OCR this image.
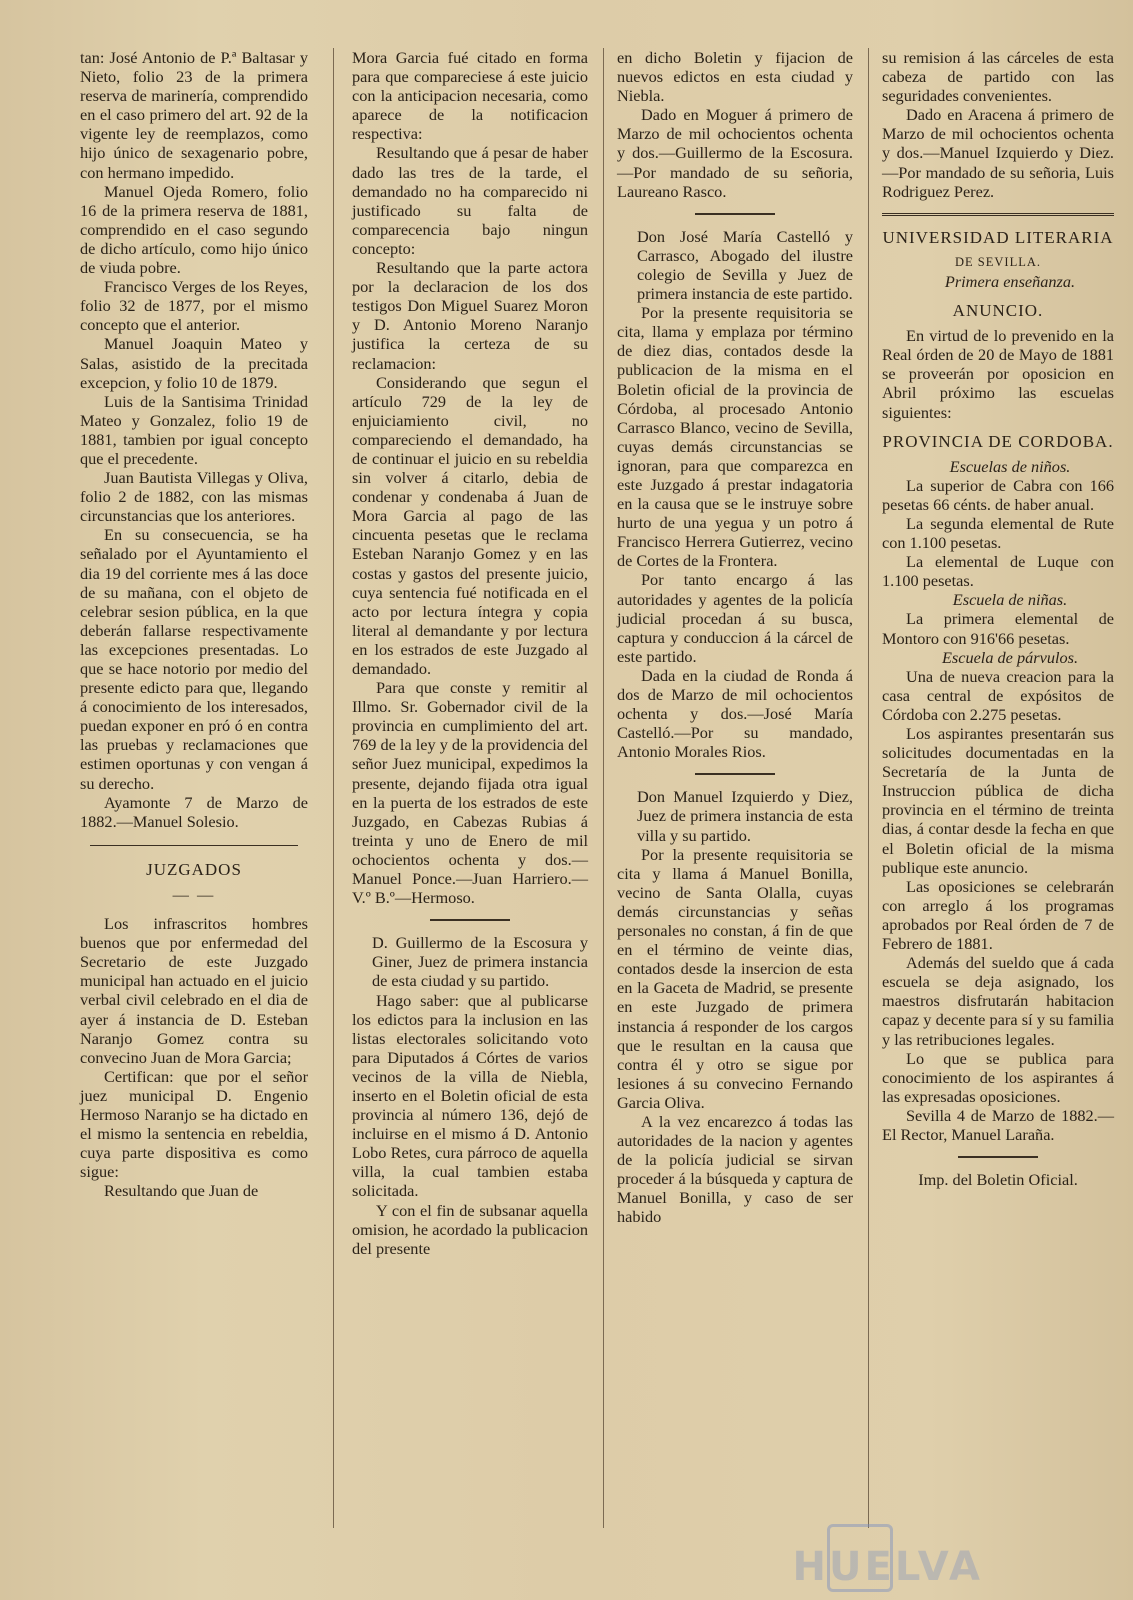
tan: José Antonio de P.ª Baltasar y Nieto, folio 23 de la primera reserva de marinería, comprendido en el caso primero del art. 92 de la vigente ley de reemplazos, como hijo único de sexagenario pobre, con hermano impedido.

Manuel Ojeda Romero, folio 16 de la primera reserva de 1881, comprendido en el caso segundo de dicho artículo, como hijo único de viuda pobre.

Francisco Verges de los Reyes, folio 32 de 1877, por el mismo concepto que el anterior.

Manuel Joaquin Mateo y Salas, asistido de la precitada excepcion, y folio 10 de 1879.

Luis de la Santisima Trinidad Mateo y Gonzalez, folio 19 de 1881, tambien por igual concepto que el precedente.

Juan Bautista Villegas y Oliva, folio 2 de 1882, con las mismas circunstancias que los anteriores.

En su consecuencia, se ha señalado por el Ayuntamiento el dia 19 del corriente mes á las doce de su mañana, con el objeto de celebrar sesion pública, en la que deberán fallarse respectivamente las excepciones presentadas. Lo que se hace notorio por medio del presente edicto para que, llegando á conocimiento de los interesados, puedan exponer en pró ó en contra las pruebas y reclamaciones que estimen oportunas y con vengan á su derecho.

Ayamonte 7 de Marzo de 1882.—Manuel Solesio.

JUZGADOS
— —

Los infrascritos hombres buenos que por enfermedad del Secretario de este Juzgado municipal han actuado en el juicio verbal civil celebrado en el dia de ayer á instancia de D. Esteban Naranjo Gomez contra su convecino Juan de Mora Garcia;

Certifican: que por el señor juez municipal D. Engenio Hermoso Naranjo se ha dictado en el mismo la sentencia en rebeldia, cuya parte dispositiva es como sigue:

Resultando que Juan de

Mora Garcia fué citado en forma para que compareciese á este juicio con la anticipacion necesaria, como aparece de la notificacion respectiva:

Resultando que á pesar de haber dado las tres de la tarde, el demandado no ha comparecido ni justificado su falta de comparecencia bajo ningun concepto:

Resultando que la parte actora por la declaracion de los dos testigos Don Miguel Suarez Moron y D. Antonio Moreno Naranjo justifica la certeza de su reclamacion:

Considerando que segun el artículo 729 de la ley de enjuiciamiento civil, no compareciendo el demandado, ha de continuar el juicio en su rebeldia sin volver á citarlo, debia de condenar y condenaba á Juan de Mora Garcia al pago de las cincuenta pesetas que le reclama Esteban Naranjo Gomez y en las costas y gastos del presente juicio, cuya sentencia fué notificada en el acto por lectura íntegra y copia literal al demandante y por lectura en los estrados de este Juzgado al demandado.

Para que conste y remitir al Illmo. Sr. Gobernador civil de la provincia en cumplimiento del art. 769 de la ley y de la providencia del señor Juez municipal, expedimos la presente, dejando fijada otra igual en la puerta de los estrados de este Juzgado, en Cabezas Rubias á treinta y uno de Enero de mil ochocientos ochenta y dos.—Manuel Ponce.—Juan Harriero.—V.º B.º—Hermoso.

D. Guillermo de la Escosura y Giner, Juez de primera instancia de esta ciudad y su partido.

Hago saber: que al publicarse los edictos para la inclusion en las listas electorales solicitando voto para Diputados á Córtes de varios vecinos de la villa de Niebla, inserto en el Boletin oficial de esta provincia al número 136, dejó de incluirse en el mismo á D. Antonio Lobo Retes, cura párroco de aquella villa, la cual tambien estaba solicitada.

Y con el fin de subsanar aquella omision, he acordado la publicacion del presente

en dicho Boletin y fijacion de nuevos edictos en esta ciudad y Niebla.

Dado en Moguer á primero de Marzo de mil ochocientos ochenta y dos.—Guillermo de la Escosura.—Por mandado de su señoria, Laureano Rasco.

Don José María Castelló y Carrasco, Abogado del ilustre colegio de Sevilla y Juez de primera instancia de este partido.

Por la presente requisitoria se cita, llama y emplaza por término de diez dias, contados desde la publicacion de la misma en el Boletin oficial de la provincia de Córdoba, al procesado Antonio Carrasco Blanco, vecino de Sevilla, cuyas demás circunstancias se ignoran, para que comparezca en este Juzgado á prestar indagatoria en la causa que se le instruye sobre hurto de una yegua y un potro á Francisco Herrera Gutierrez, vecino de Cortes de la Frontera.

Por tanto encargo á las autoridades y agentes de la policía judicial procedan á su busca, captura y conduccion á la cárcel de este partido.

Dada en la ciudad de Ronda á dos de Marzo de mil ochocientos ochenta y dos.—José María Castelló.—Por su mandado, Antonio Morales Rios.

Don Manuel Izquierdo y Diez, Juez de primera instancia de esta villa y su partido.

Por la presente requisitoria se cita y llama á Manuel Bonilla, vecino de Santa Olalla, cuyas demás circunstancias y señas personales no constan, á fin de que en el término de veinte dias, contados desde la insercion de esta en la Gaceta de Madrid, se presente en este Juzgado de primera instancia á responder de los cargos que le resultan en la causa que contra él y otro se sigue por lesiones á su convecino Fernando Garcia Oliva.

A la vez encarezco á todas las autoridades de la nacion y agentes de la policía judicial se sirvan proceder á la búsqueda y captura de Manuel Bonilla, y caso de ser habido

su remision á las cárceles de esta cabeza de partido con las seguridades convenientes.

Dado en Aracena á primero de Marzo de mil ochocientos ochenta y dos.—Manuel Izquierdo y Diez.—Por mandado de su señoria, Luis Rodriguez Perez.

UNIVERSIDAD LITERARIA
DE SEVILLA.

Primera enseñanza.

ANUNCIO.

En virtud de lo prevenido en la Real órden de 20 de Mayo de 1881 se proveerán por oposicion en Abril próximo las escuelas siguientes:

PROVINCIA DE CORDOBA.

Escuelas de niños.

La superior de Cabra con 166 pesetas 66 cénts. de haber anual.

La segunda elemental de Rute con 1.100 pesetas.

La elemental de Luque con 1.100 pesetas.

Escuela de niñas.

La primera elemental de Montoro con 916'66 pesetas.

Escuela de párvulos.

Una de nueva creacion para la casa central de expósitos de Córdoba con 2.275 pesetas.

Los aspirantes presentarán sus solicitudes documentadas en la Secretaría de la Junta de Instruccion pública de dicha provincia en el término de treinta dias, á contar desde la fecha en que el Boletin oficial de la misma publique este anuncio.

Las oposiciones se celebrarán con arreglo á los programas aprobados por Real órden de 7 de Febrero de 1881.

Además del sueldo que á cada escuela se deja asignado, los maestros disfrutarán habitacion capaz y decente para sí y su familia y las retribuciones legales.

Lo que se publica para conocimiento de los aspirantes á las expresadas oposiciones.

Sevilla 4 de Marzo de 1882.—El Rector, Manuel Laraña.

Imp. del Boletin Oficial.

HUELVA
